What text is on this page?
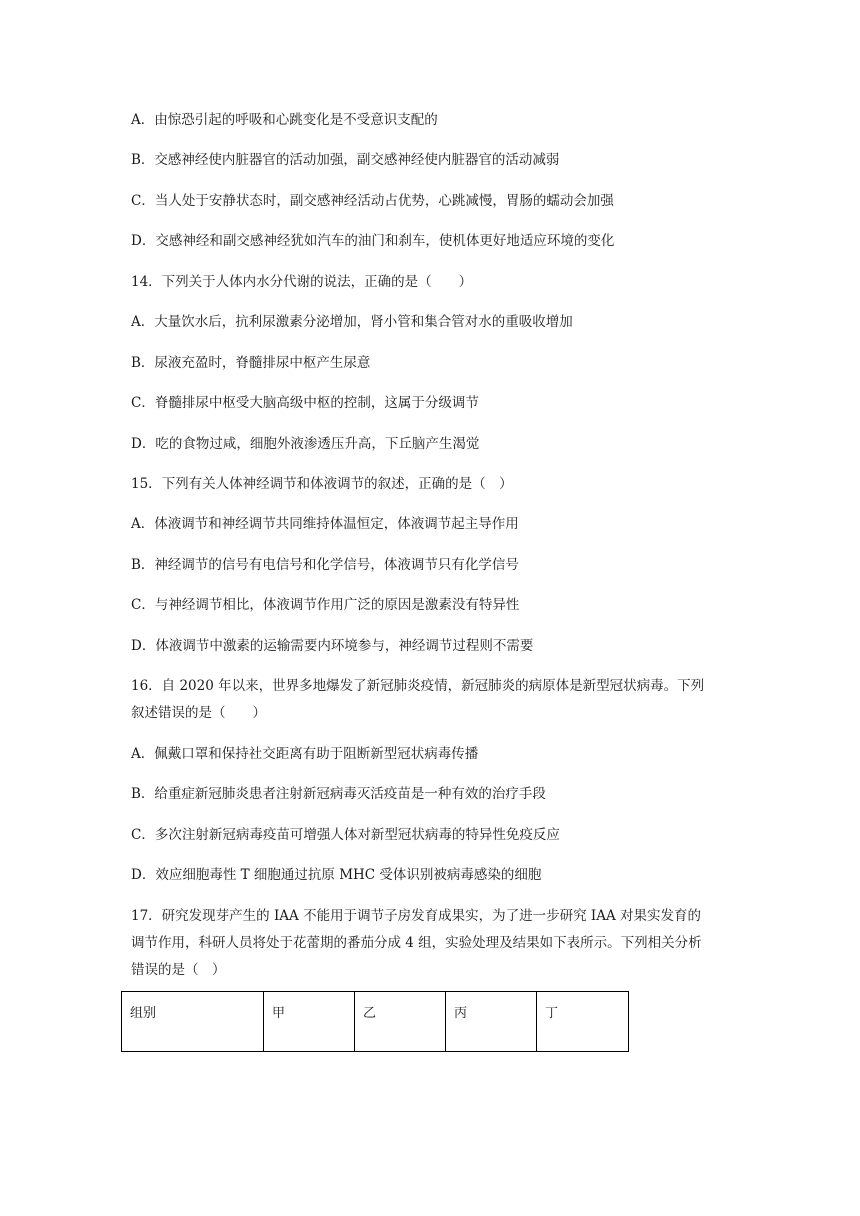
A．由惊恐引起的呼吸和心跳变化是不受意识支配的
B．交感神经使内脏器官的活动加强，副交感神经使内脏器官的活动减弱
C．当人处于安静状态时，副交感神经活动占优势，心跳减慢，胃肠的蠕动会加强
D．交感神经和副交感神经犹如汽车的油门和刹车，使机体更好地适应环境的变化
14．下列关于人体内水分代谢的说法，正确的是（　　）
A．大量饮水后，抗利尿激素分泌增加，肾小管和集合管对水的重吸收增加
B．尿液充盈时，脊髓排尿中枢产生尿意
C．脊髓排尿中枢受大脑高级中枢的控制，这属于分级调节
D．吃的食物过咸，细胞外液渗透压升高，下丘脑产生渴觉
15．下列有关人体神经调节和体液调节的叙述，正确的是（　）
A．体液调节和神经调节共同维持体温恒定，体液调节起主导作用
B．神经调节的信号有电信号和化学信号，体液调节只有化学信号
C．与神经调节相比，体液调节作用广泛的原因是激素没有特异性
D．体液调节中激素的运输需要内环境参与，神经调节过程则不需要
16．自 2020 年以来，世界多地爆发了新冠肺炎疫情，新冠肺炎的病原体是新型冠状病毒。下列
叙述错误的是（　　）
A．佩戴口罩和保持社交距离有助于阻断新型冠状病毒传播
B．给重症新冠肺炎患者注射新冠病毒灭活疫苗是一种有效的治疗手段
C．多次注射新冠病毒疫苗可增强人体对新型冠状病毒的特异性免疫反应
D．效应细胞毒性 T 细胞通过抗原 MHC 受体识别被病毒感染的细胞
17．研究发现芽产生的 IAA 不能用于调节子房发育成果实，为了进一步研究 IAA 对果实发育的
调节作用，科研人员将处于花蕾期的番茄分成 4 组，实验处理及结果如下表所示。下列相关分析
错误的是（　）
组别	甲	乙	丙	丁
